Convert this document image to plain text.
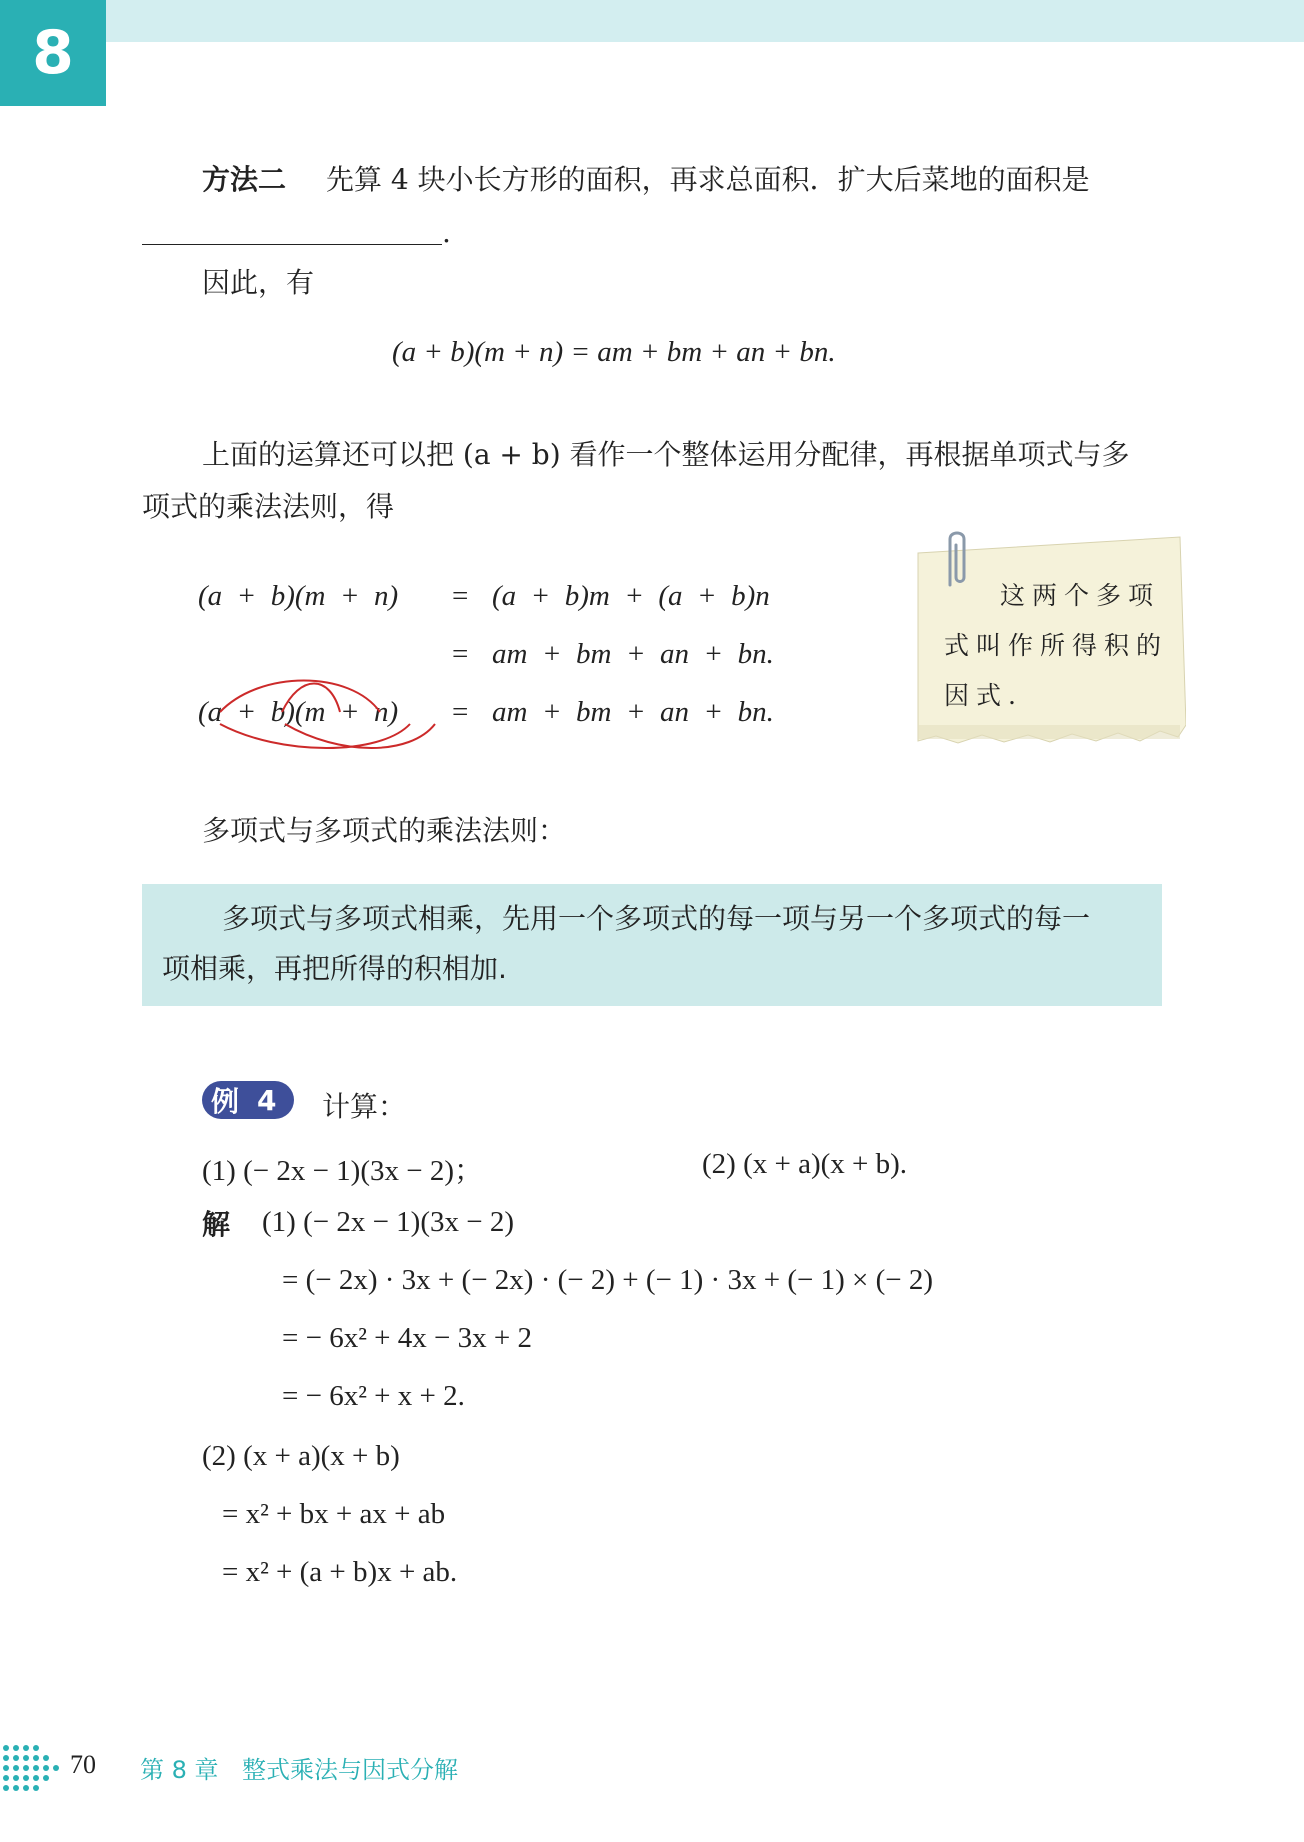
8
方法二 先算 4 块小长方形的面积，再求总面积．扩大后菜地的面积是
.
因此，有
(a + b)(m + n) = am + bm + an + bn.
上面的运算还可以把 (a + b) 看作一个整体运用分配律，再根据单项式与多
项式的乘法法则，得
(a  +  b)(m  +  n) = (a  +  b)m  +  (a  +  b)n
= am  +  bm  +  an  +  bn.
(a  +  b)(m  +  n) = am  +  bm  +  an  +  bn.
这两个多项
式叫作所得积的
因式.
多项式与多项式的乘法法则：
多项式与多项式相乘，先用一个多项式的每一项与另一个多项式的每一
项相乘，再把所得的积相加.
例 4 计算：
(1) (− 2x − 1)(3x − 2)；	(2) (x + a)(x + b).
解 (1) (− 2x − 1)(3x − 2)
= (− 2x) · 3x + (− 2x) · (− 2) + (− 1) · 3x + (− 1) × (− 2)
= − 6x² + 4x − 3x + 2
= − 6x² + x + 2.
(2) (x + a)(x + b)
= x² + bx + ax + ab
= x² + (a + b)x + ab.
70 第 8 章 整式乘法与因式分解
